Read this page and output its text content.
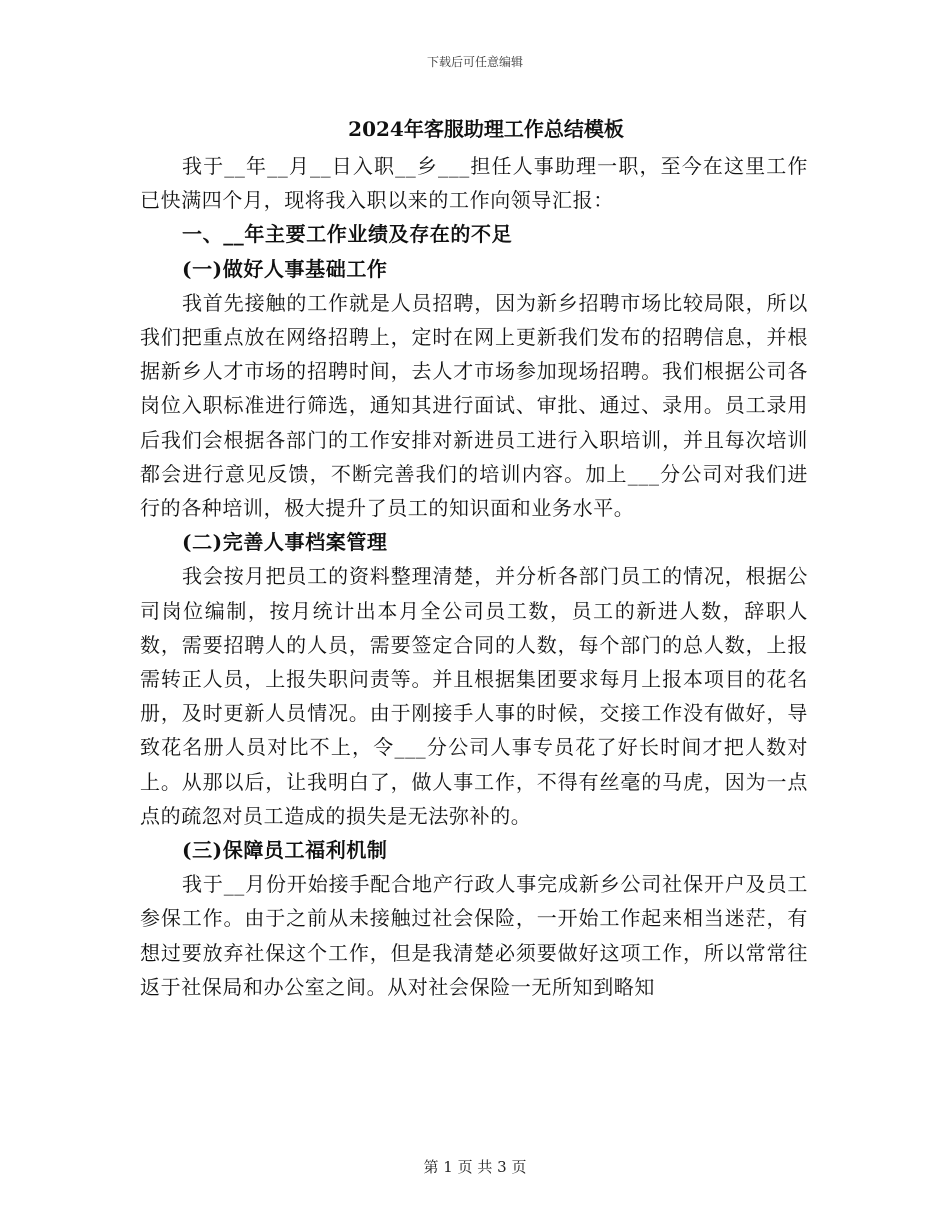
下载后可任意编辑
2024年客服助理工作总结模板

我于__年__月__日入职__乡___担任人事助理一职，至今在这里工作已快满四个月，现将我入职以来的工作向领导汇报：

一、__年主要工作业绩及存在的不足

(一)做好人事基础工作

我首先接触的工作就是人员招聘，因为新乡招聘市场比较局限，所以我们把重点放在网络招聘上，定时在网上更新我们发布的招聘信息，并根据新乡人才市场的招聘时间，去人才市场参加现场招聘。我们根据公司各岗位入职标准进行筛选，通知其进行面试、审批、通过、录用。员工录用后我们会根据各部门的工作安排对新进员工进行入职培训，并且每次培训都会进行意见反馈，不断完善我们的培训内容。加上___分公司对我们进行的各种培训，极大提升了员工的知识面和业务水平。

(二)完善人事档案管理

我会按月把员工的资料整理清楚，并分析各部门员工的情况，根据公司岗位编制，按月统计出本月全公司员工数，员工的新进人数，辞职人数，需要招聘人的人员，需要签定合同的人数，每个部门的总人数，上报需转正人员，上报失职问责等。并且根据集团要求每月上报本项目的花名册，及时更新人员情况。由于刚接手人事的时候，交接工作没有做好，导致花名册人员对比不上，令___分公司人事专员花了好长时间才把人数对上。从那以后，让我明白了，做人事工作，不得有丝毫的马虎，因为一点点的疏忽对员工造成的损失是无法弥补的。

(三)保障员工福利机制

我于__月份开始接手配合地产行政人事完成新乡公司社保开户及员工参保工作。由于之前从未接触过社会保险，一开始工作起来相当迷茫，有想过要放弃社保这个工作，但是我清楚必须要做好这项工作，所以常常往返于社保局和办公室之间。从对社会保险一无所知到略知

第 1 页 共 3 页
